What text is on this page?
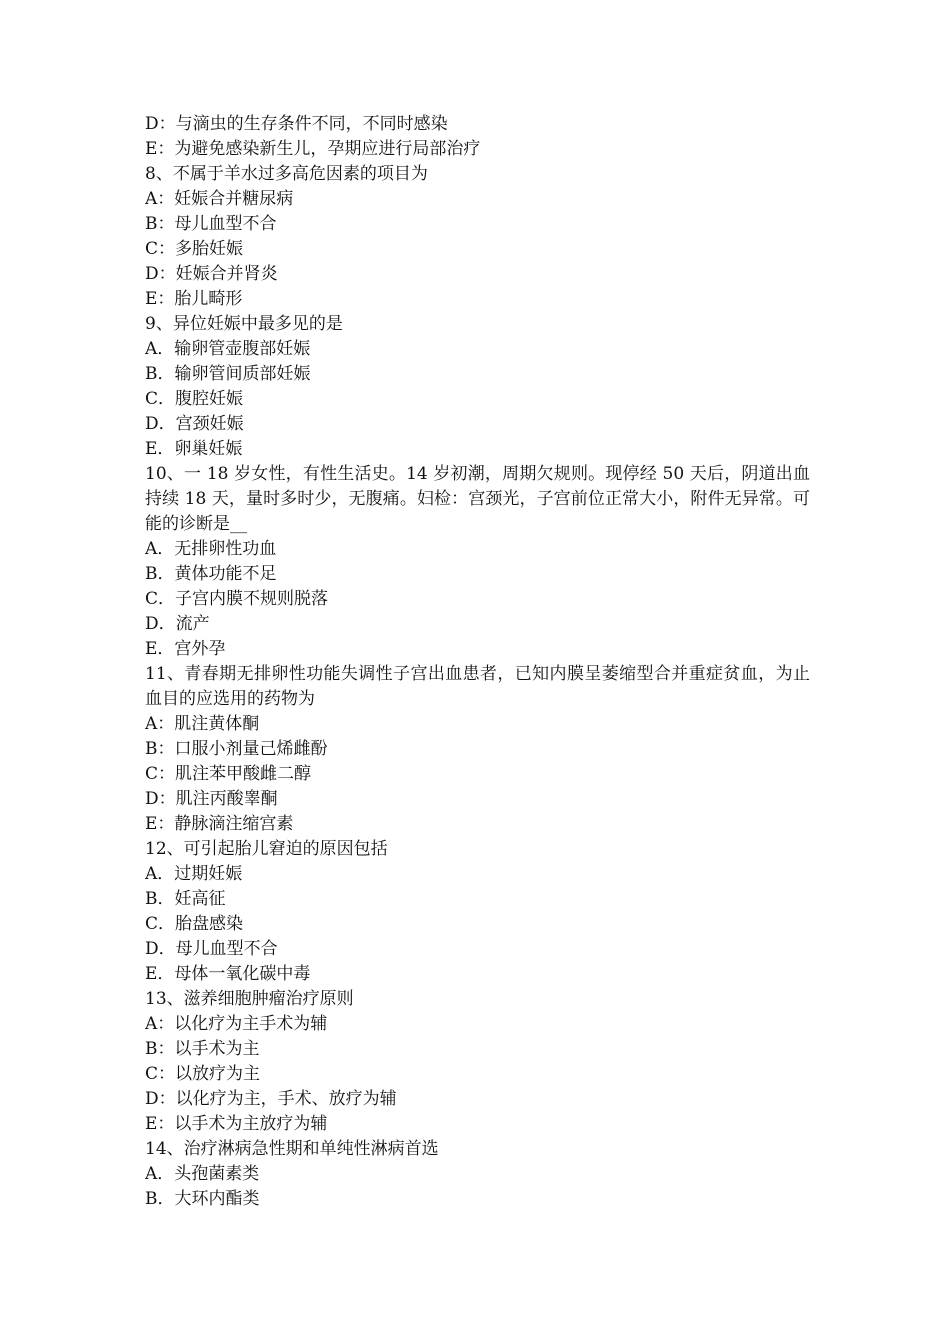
D：与滴虫的生存条件不同，不同时感染
E：为避免感染新生儿，孕期应进行局部治疗
8、不属于羊水过多高危因素的项目为
A：妊娠合并糖尿病
B：母儿血型不合
C：多胎妊娠
D：妊娠合并肾炎
E：胎儿畸形
9、异位妊娠中最多见的是
A．输卵管壶腹部妊娠
B．输卵管间质部妊娠
C．腹腔妊娠
D．宫颈妊娠
E．卵巢妊娠
10、一 18 岁女性，有性生活史。14 岁初潮，周期欠规则。现停经 50 天后，阴道出血持续 18 天，量时多时少，无腹痛。妇检：宫颈光，子宫前位正常大小，附件无异常。可能的诊断是__
A．无排卵性功血
B．黄体功能不足
C．子宫内膜不规则脱落
D．流产
E．宫外孕
11、青春期无排卵性功能失调性子宫出血患者，已知内膜呈萎缩型合并重症贫血，为止血目的应选用的药物为
A：肌注黄体酮
B：口服小剂量己烯雌酚
C：肌注苯甲酸雌二醇
D：肌注丙酸睾酮
E：静脉滴注缩宫素
12、可引起胎儿窘迫的原因包括
A．过期妊娠
B．妊高征
C．胎盘感染
D．母儿血型不合
E．母体一氧化碳中毒
13、滋养细胞肿瘤治疗原则
A：以化疗为主手术为辅
B：以手术为主
C：以放疗为主
D：以化疗为主，手术、放疗为辅
E：以手术为主放疗为辅
14、治疗淋病急性期和单纯性淋病首选
A．头孢菌素类
B．大环内酯类
